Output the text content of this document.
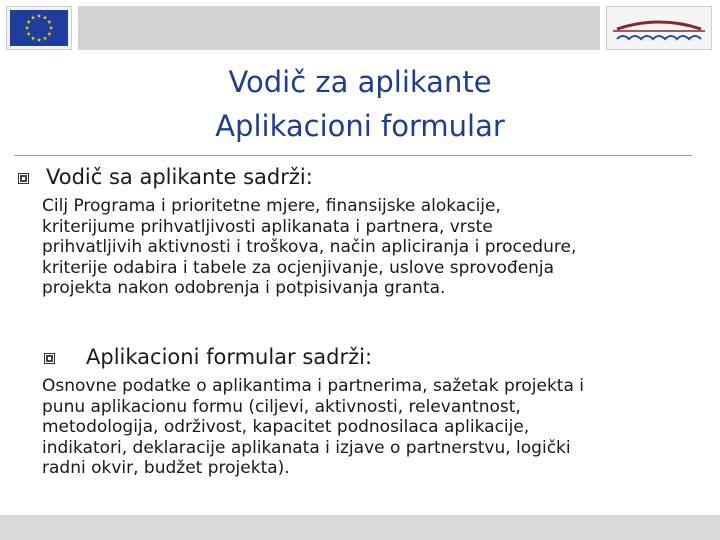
Vodič za aplikante
Aplikacioni formular
Vodič sa aplikante sadrži:

Cilj Programa i prioritetne mjere, finansijske alokacije,
kriterijume prihvatljivosti aplikanata i partnera, vrste
prihvatljivih aktivnosti i troškova, način apliciranja i procedure,
kriterije odabira i tabele za ocjenjivanje, uslove sprovođenja
projekta nakon odobrenja i potpisivanja granta.

Aplikacioni formular sadrži:

Osnovne podatke o aplikantima i partnerima, sažetak projekta i
punu aplikacionu formu (ciljevi, aktivnosti, relevantnost,
metodologija, održivost, kapacitet podnosilaca aplikacije,
indikatori, deklaracije aplikanata i izjave o partnerstvu, logički
radni okvir, budžet projekta).
